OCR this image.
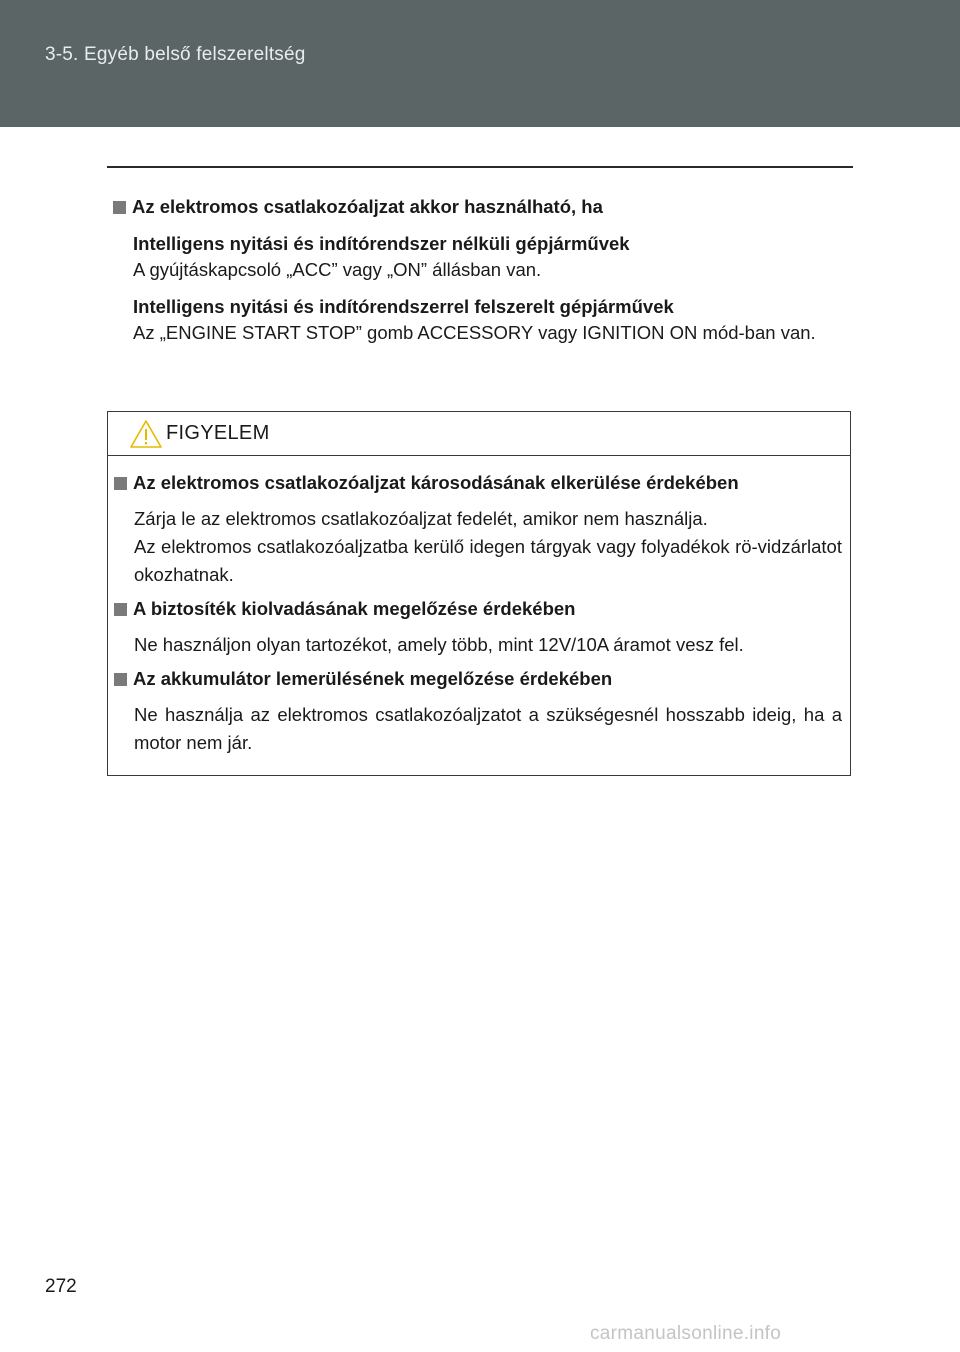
3-5. Egyéb belső felszereltség
Az elektromos csatlakozóaljzat akkor használható, ha
Intelligens nyitási és indítórendszer nélküli gépjárművek
A gyújtáskapcsoló „ACC” vagy „ON” állásban van.
Intelligens nyitási és indítórendszerrel felszerelt gépjárművek
Az „ENGINE START STOP” gomb ACCESSORY vagy IGNITION ON mód-ban van.
FIGYELEM
Az elektromos csatlakozóaljzat károsodásának elkerülése érdekében
Zárja le az elektromos csatlakozóaljzat fedelét, amikor nem használja.
Az elektromos csatlakozóaljzatba kerülő idegen tárgyak vagy folyadékok rö-vidzárlatot okozhatnak.
A biztosíték kiolvadásának megelőzése érdekében
Ne használjon olyan tartozékot, amely több, mint 12V/10A áramot vesz fel.
Az akkumulátor lemerülésének megelőzése érdekében
Ne használja az elektromos csatlakozóaljzatot a szükségesnél hosszabb ideig, ha a motor nem jár.
272
carmanualsonline.info
